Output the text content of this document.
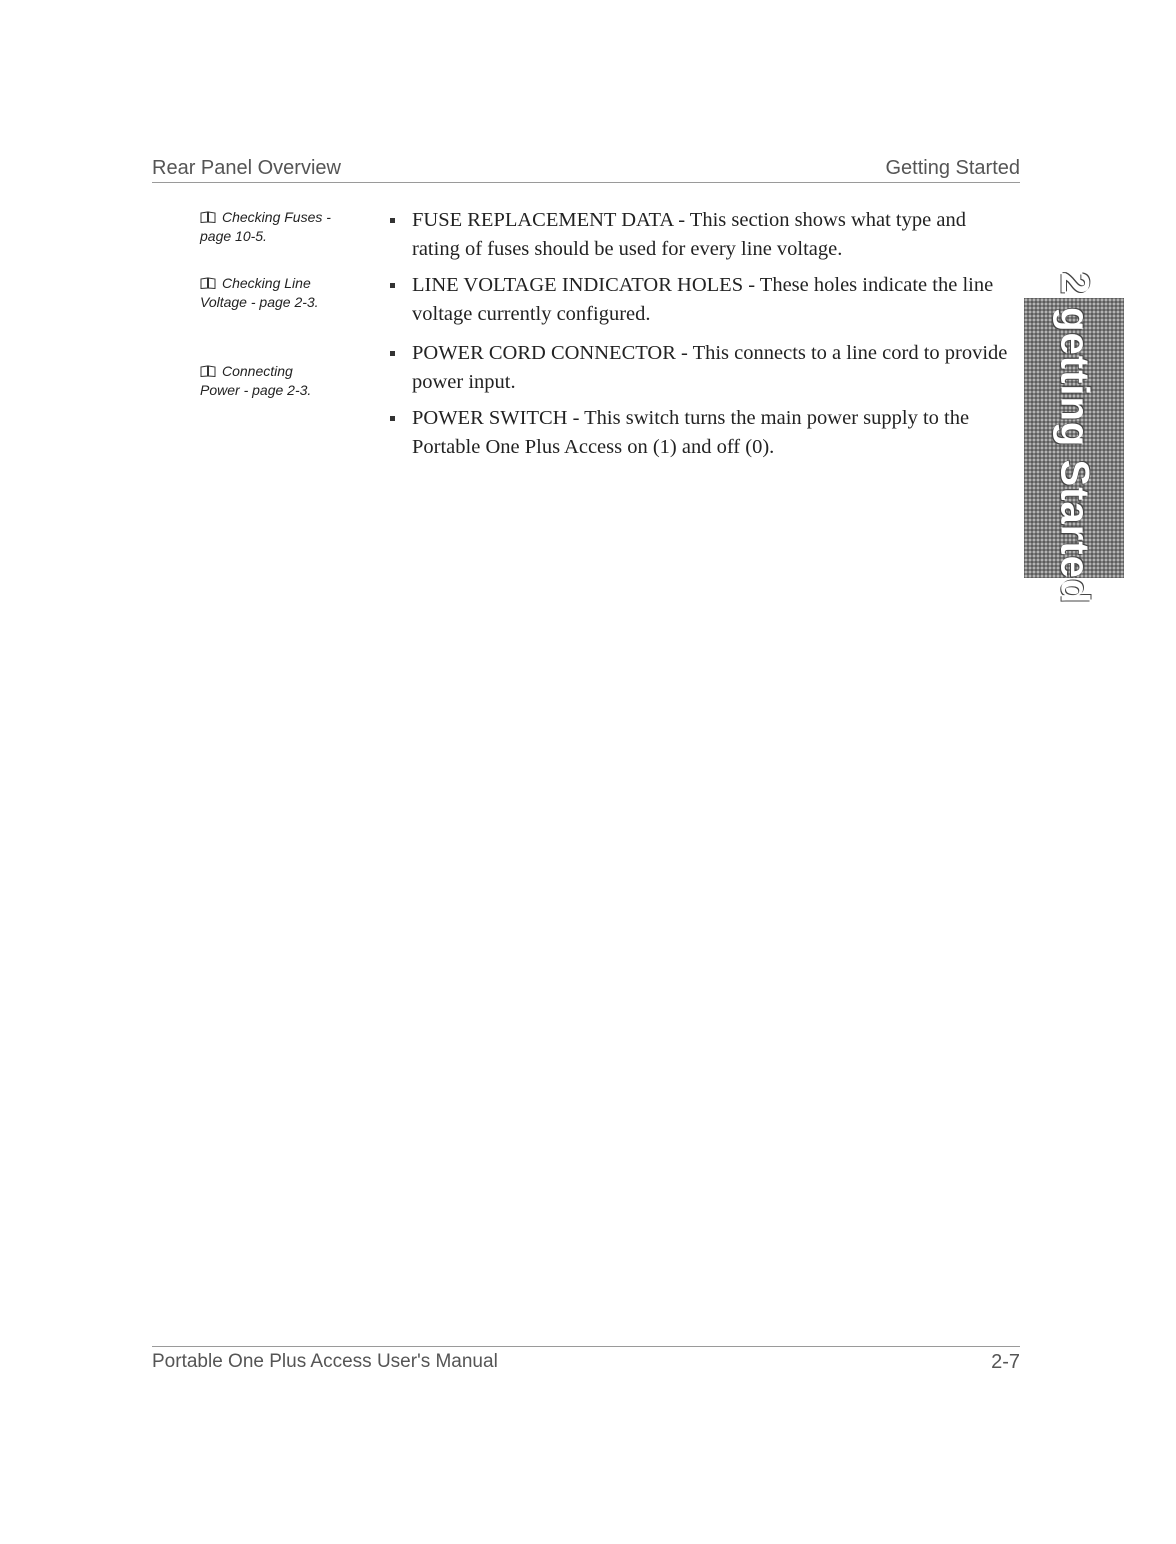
Rear Panel Overview	Getting Started
Checking Fuses -
page 10-5.
Checking Line
Voltage - page 2-3.
Connecting
Power - page 2-3.
FUSE REPLACEMENT DATA - This section shows what type and rating of fuses should be used for every line voltage.
LINE VOLTAGE INDICATOR HOLES - These holes indicate the line voltage currently configured.
POWER CORD CONNECTOR - This connects to a line cord to provide power input.
POWER SWITCH - This switch turns the main power supply to the Portable One Plus Access on (1) and off (0).	2 getting Started
Portable One Plus Access User's Manual	2-7
